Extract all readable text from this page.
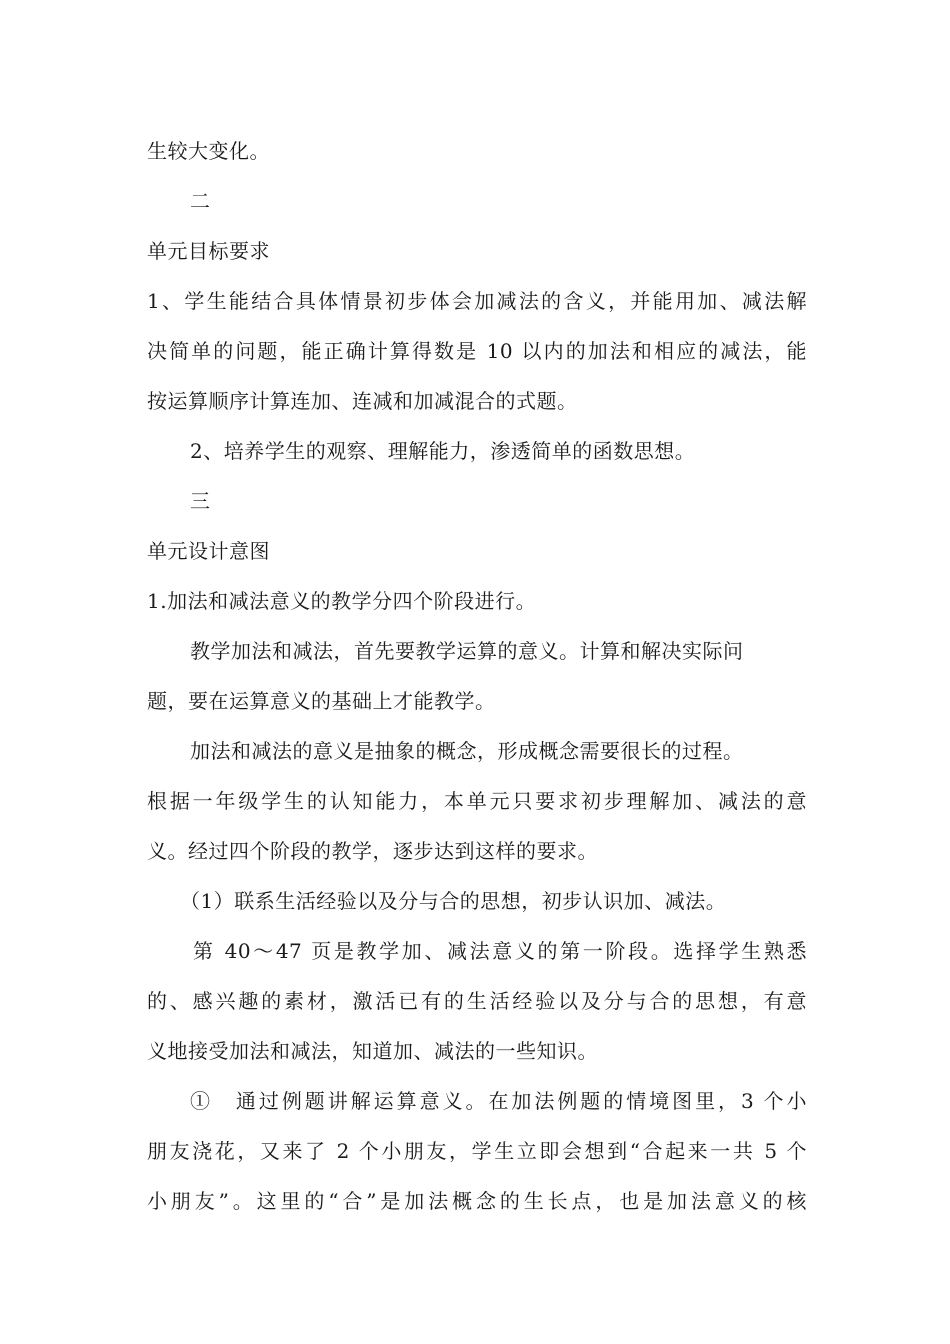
生较大变化。
二
单元目标要求
1、学生能结合具体情景初步体会加减法的含义，并能用加、减法解
决简单的问题，能正确计算得数是 10 以内的加法和相应的减法，能
按运算顺序计算连加、连减和加减混合的式题。
2、培养学生的观察、理解能力，渗透简单的函数思想。
三
单元设计意图
1.加法和减法意义的教学分四个阶段进行。
教学加法和减法，首先要教学运算的意义。计算和解决实际问
题，要在运算意义的基础上才能教学。
加法和减法的意义是抽象的概念，形成概念需要很长的过程。
根据一年级学生的认知能力，本单元只要求初步理解加、减法的意
义。经过四个阶段的教学，逐步达到这样的要求。
（1）联系生活经验以及分与合的思想，初步认识加、减法。
第 40～47 页是教学加、减法意义的第一阶段。选择学生熟悉
的、感兴趣的素材，激活已有的生活经验以及分与合的思想，有意
义地接受加法和减法，知道加、减法的一些知识。
①　通过例题讲解运算意义。在加法例题的情境图里，3 个小
朋友浇花，又来了 2 个小朋友，学生立即会想到“合起来一共 5 个
小朋友”。这里的“合”是加法概念的生长点，也是加法意义的核
